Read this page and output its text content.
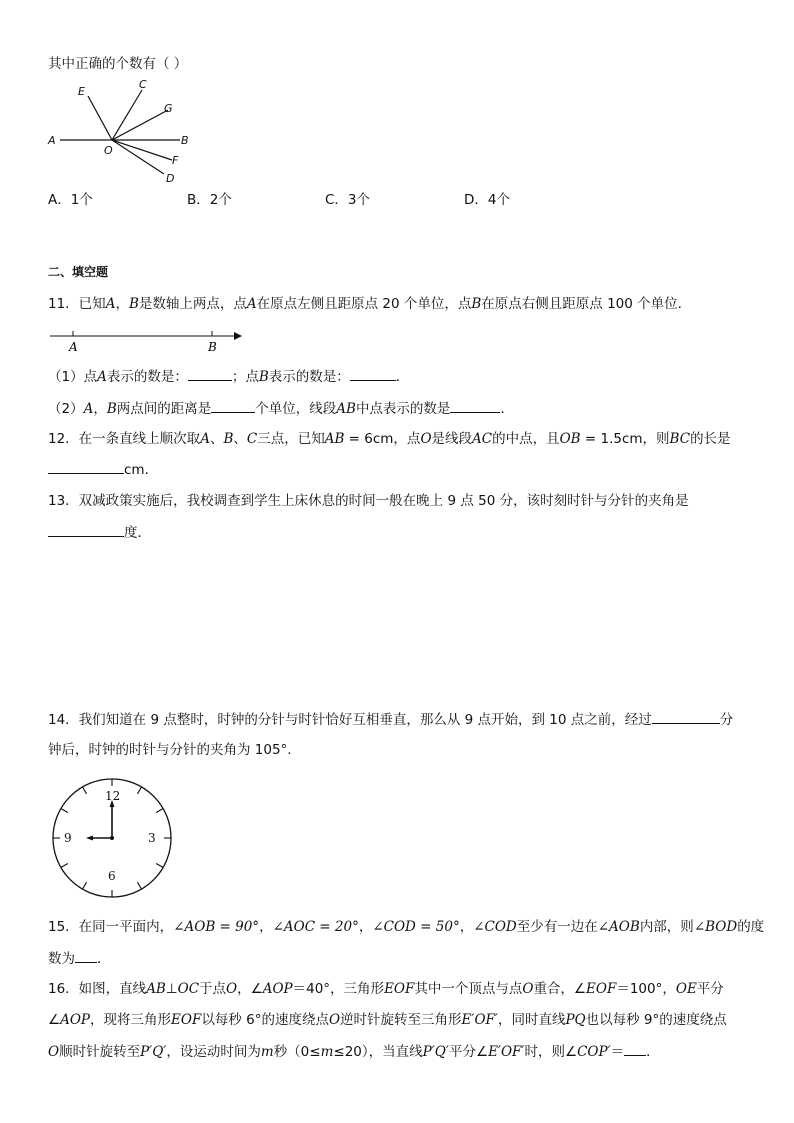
其中正确的个数有（ ）
A
O
B
E
C
G
F
D
A．1个	B．2个	C．3个	D．4个
二、填空题
11．已知A，B是数轴上两点，点A在原点左侧且距原点 20 个单位，点B在原点右侧且距原点 100 个单位．
A	B
（1）点A表示的数是：	；点B表示的数是：	．
（2）A，B两点间的距离是	个单位，线段AB中点表示的数是	．
12．在一条直线上顺次取A、B、C三点，已知AB = 6cm，点O是线段AC的中点，且OB = 1.5cm，则BC的长是
cm．
13．双减政策实施后，我校调查到学生上床休息的时间一般在晚上 9 点 50 分，该时刻时针与分针的夹角是
度．
14．我们知道在 9 点整时，时钟的分针与时针恰好互相垂直，那么从 9 点开始，到 10 点之前，经过	分
钟后，时钟的时针与分针的夹角为 105°.
12
3
6
9
15．在同一平面内，∠AOB = 90°，∠AOC = 20°，∠COD = 50°，∠COD至少有一边在∠AOB内部，则∠BOD的度
数为 ．
16．如图，直线AB⊥OC于点O，∠AOP＝40°，三角形EOF其中一个顶点与点O重合，∠EOF＝100°，OE平分
∠AOP，现将三角形EOF以每秒 6°的速度绕点O逆时针旋转至三角形E′OF′，同时直线PQ也以每秒 9°的速度绕点
O顺时针旋转至P′Q′，设运动时间为m秒（0≤m≤20），当直线P′Q′平分∠E′OF′时，则∠COP′＝ ．
